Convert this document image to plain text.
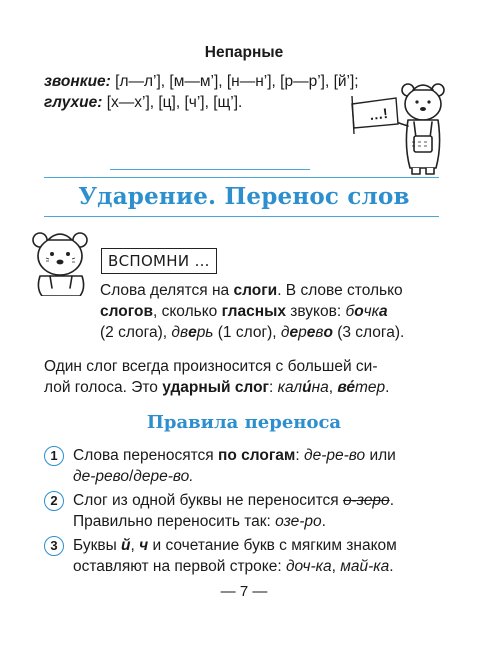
Непарные
звонкие: [л—л’], [м—м’], [н—н’], [р—р’], [й’];
глухие: [х—х’], [ц], [ч’], [щ’].
…!
Ударение. Перенос слов
ВСПОМНИ …
Слова делятся на слоги. В слове столько
слогов, сколько гласных звуков: бочка
(2 слога), дверь (1 слог), дерево (3 слога).
Один слог всегда произносится с большей си-
лой голоса. Это ударный слог: кали́на, ве́тер.
Правила переноса
1 Слова переносятся по слогам: де-ре-во или
де-рево/дере-во.
2 Слог из одной буквы не переносится о-зеро.
Правильно переносить так: озе-ро.
3 Буквы й, ч и сочетание букв с мягким знаком
оставляют на первой строке: доч-ка, май-ка.
— 7 —
